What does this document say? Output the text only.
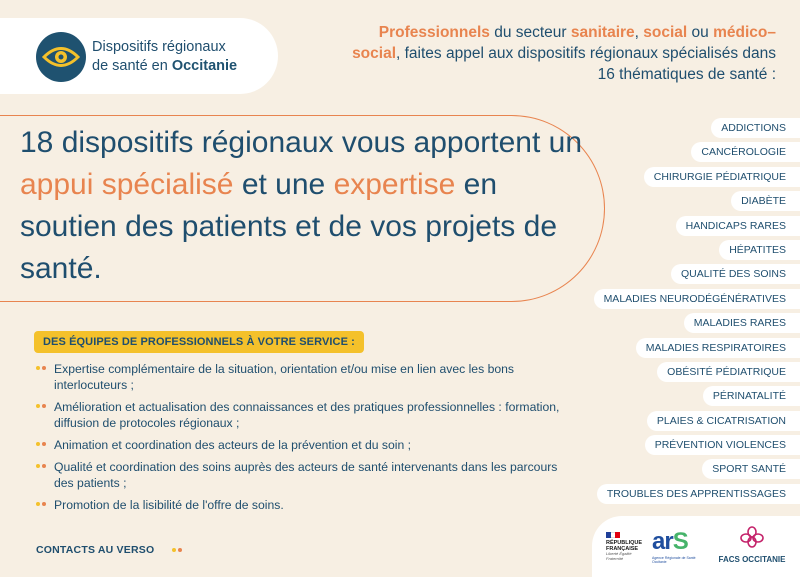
Dispositifs régionaux
de santé en Occitanie
Professionnels du secteur sanitaire, social ou médico–social, faites appel aux dispositifs régionaux spécialisés dans 16 thématiques de santé :
18 dispositifs régionaux vous apportent un appui spécialisé et une expertise en soutien des patients et de vos projets de santé.
DES ÉQUIPES DE PROFESSIONNELS À VOTRE SERVICE :
Expertise complémentaire de la situation, orientation et/ou mise en lien avec les bons interlocuteurs ;
Amélioration et actualisation des connaissances et des pratiques professionnelles : formation, diffusion de protocoles régionaux ;
Animation et coordination des acteurs de la prévention et du soin ;
Qualité et coordination des soins auprès des acteurs de santé intervenants dans les parcours des patients ;
Promotion de la lisibilité de l'offre de soins.
CONTACTS AU VERSO
ADDICTIONS
CANCÉROLOGIE
CHIRURGIE PÉDIATRIQUE
DIABÈTE
HANDICAPS RARES
HÉPATITES
QUALITÉ DES SOINS
MALADIES NEURODÉGÉNÉRATIVES
MALADIES RARES
MALADIES RESPIRATOIRES
OBÉSITÉ PÉDIATRIQUE
PÉRINATALITÉ
PLAIES & CICATRISATION
PRÉVENTION VIOLENCES
SPORT SANTÉ
TROUBLES DES APPRENTISSAGES
RÉPUBLIQUE
FRANÇAISE
Liberté Égalité Fraternité
arS
Agence Régionale de Santé Occitanie	FACS OCCITANIE
